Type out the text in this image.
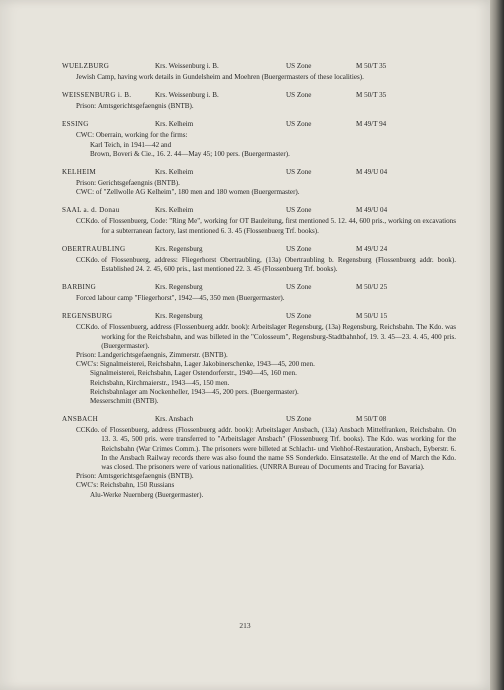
WUELZBURG	Krs. Weissenburg i. B.	US Zone	M 50/T 35
Jewish Camp, having work details in Gundelsheim and Moehren (Buergermasters of these localities).
WEISSENBURG i. B.	Krs. Weissenburg i. B.	US Zone	M 50/T 35
Prison:
Amtsgerichtsgefaengnis (BNTB).
ESSING	Krs. Kelheim	US Zone	M 49/T 94
CWC:
Oberrain, working for the firms:
Karl Teich, in 1941—42 and
Brown, Boveri & Cie., 16. 2. 44—May 45; 100 pers. (Buergermaster).
KELHEIM	Krs. Kelheim	US Zone	M 49/U 04
Prison:
Gerichtsgefaengnis (BNTB).
CWC:
of "Zellwolle AG Kelheim", 180 men and 180 women (Buergermaster).
SAAL a. d. Donau	Krs. Kelheim	US Zone	M 49/U 04
CCKdo.
of Flossenbuerg, Code: "Ring Me", working for OT Bauleitung, first mentioned 5. 12. 44, 600 pris., working on excavations for a subterranean factory, last mentioned 6. 3. 45 (Flossenbuerg Trf. books).
OBERTRAUBLING	Krs. Regensburg	US Zone	M 49/U 24
CCKdo.
of Flossenbuerg, address: Fliegerhorst Obertraubling, (13a) Obertraubling b. Regensburg (Flossenbuerg addr. book). Established 24. 2. 45, 600 pris., last mentioned 22. 3. 45 (Flossenbuerg Trf. books).
BARBING	Krs. Regensburg	US Zone	M 50/U 25
Forced labour camp "Fliegerhorst", 1942—45, 350 men (Buergermaster).
REGENSBURG	Krs. Regensburg	US Zone	M 50/U 15
CCKdo.
of Flossenbuerg, address (Flossenbuerg addr. book): Arbeitslager Regensburg, (13a) Regensburg, Reichsbahn. The Kdo. was working for the Reichsbahn, and was billeted in the "Colosseum", Regensburg-Stadtbahnhof, 19. 3. 45—23. 4. 45, 400 pris. (Buergermaster).
Prison:
Landgerichtsgefaengnis, Zimmerstr. (BNTB).
CWC's:
Signalmeisterei, Reichsbahn, Lager Jakobinerschenke, 1943—45, 200 men.
Signalmeisterei, Reichsbahn, Lager Ostendorferstr., 1940—45, 160 men.
Reichsbahn, Kirchmaierstr., 1943—45, 150 men.
Reichsbahnlager am Nockenheller, 1943—45, 200 pers. (Buergermaster).
Messerschmitt (BNTB).
ANSBACH	Krs. Ansbach	US Zone	M 50/T 08
CCKdo.
of Flossenbuerg, address (Flossenbuerg addr. book): Arbeitslager Ansbach, (13a) Ansbach Mittelfranken, Reichsbahn. On 13. 3. 45, 500 pris. were transferred to "Arbeitslager Ansbach" (Flossenbuerg Trf. books). The Kdo. was working for the Reichsbahn (War Crimes Comm.). The prisoners were billeted at Schlacht- und Viehhof-Restauration, Ansbach, Eyberstr. 6. In the Ansbach Railway records there was also found the name SS Sonderkdo. Einsatzstelle. At the end of March the Kdo. was closed. The prisoners were of various nationalities. (UNRRA Bureau of Documents and Tracing for Bavaria).
Prison:
Amtsgerichtsgefaengnis (BNTB).
CWC's:
Reichsbahn, 150 Russians
Alu-Werke Nuernberg (Buergermaster).
213
